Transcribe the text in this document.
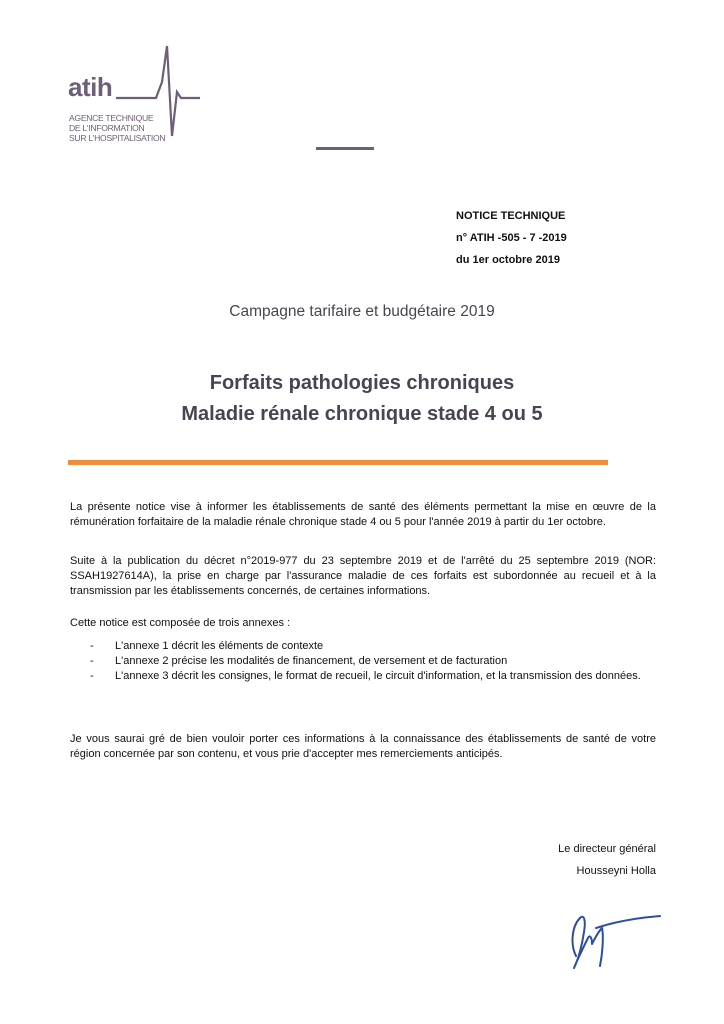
atih
AGENCE TECHNIQUE
DE L'INFORMATION
SUR L'HOSPITALISATION
NOTICE TECHNIQUE
n° ATIH -505 - 7 -2019
du 1er octobre 2019
Campagne tarifaire et budgétaire 2019
Forfaits pathologies chroniques
Maladie rénale chronique stade 4 ou 5

La présente notice vise à informer les établissements de santé des éléments permettant la mise en œuvre de la rémunération forfaitaire de la maladie rénale chronique stade 4 ou 5 pour l'année 2019 à partir du 1er octobre.

Suite à la publication du décret n°2019-977 du 23 septembre 2019 et de l'arrêté du 25 septembre 2019 (NOR: SSAH1927614A), la prise en charge par l'assurance maladie de ces forfaits est subordonnée au recueil et à la transmission par les établissements concernés, de certaines informations.

Cette notice est composée de trois annexes :

- L'annexe 1 décrit les éléments de contexte
- L'annexe 2 précise les modalités de financement, de versement et de facturation
- L'annexe 3 décrit les consignes, le format de recueil, le circuit d'information, et la transmission des données.

Je vous saurai gré de bien vouloir porter ces informations à la connaissance des établissements de santé de votre région concernée par son contenu, et vous prie d'accepter mes remerciements anticipés.

Le directeur général
Housseyni Holla
